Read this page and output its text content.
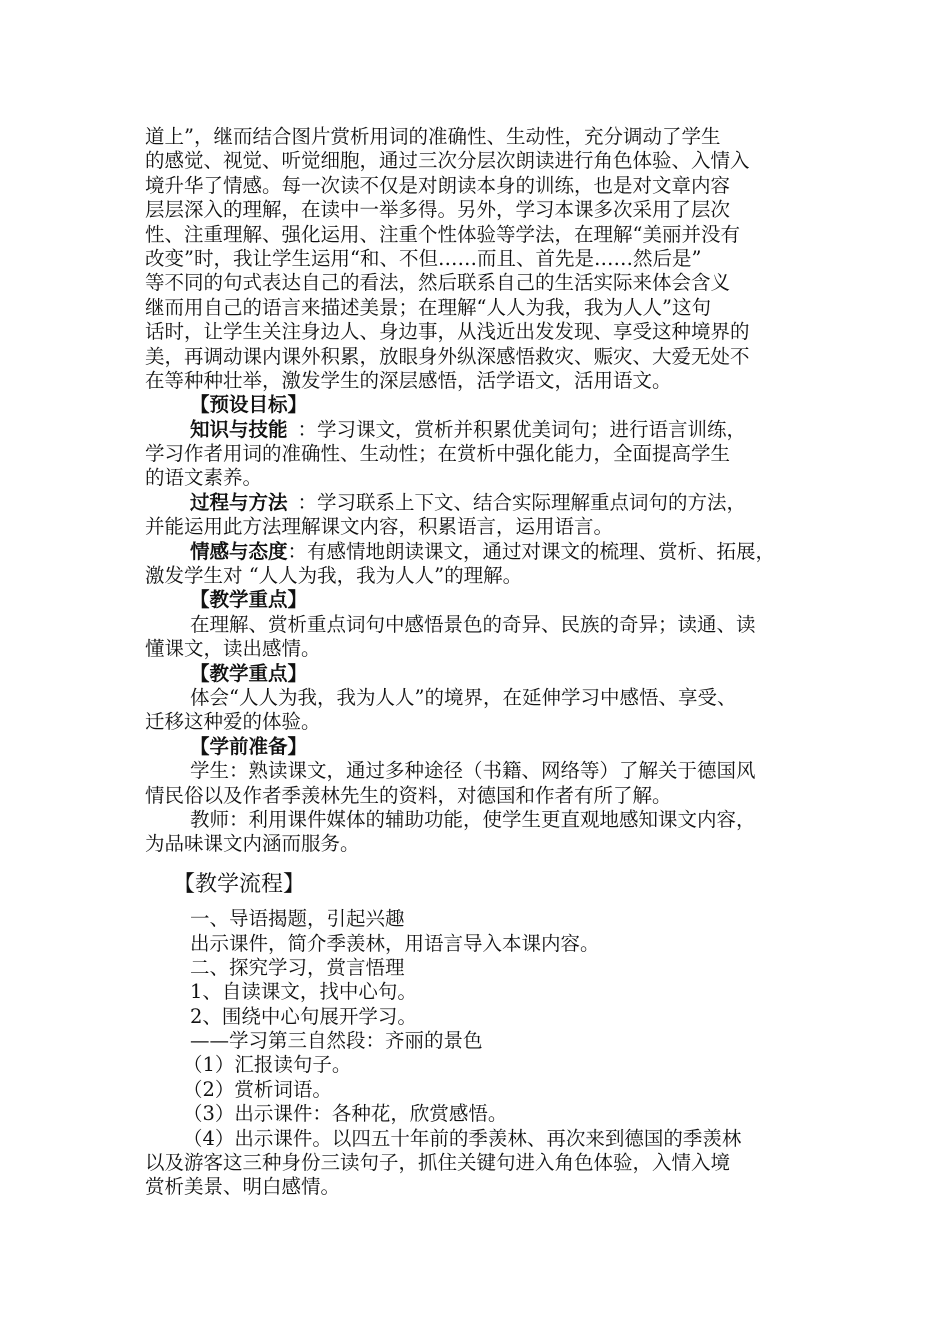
道上”，继而结合图片赏析用词的准确性、生动性，充分调动了学生
的感觉、视觉、听觉细胞，通过三次分层次朗读进行角色体验、入情入
境升华了情感。每一次读不仅是对朗读本身的训练，也是对文章内容
层层深入的理解，在读中一举多得。另外，学习本课多次采用了层次
性、注重理解、强化运用、注重个性体验等学法，在理解“美丽并没有
改变”时，我让学生运用“和、不但……而且、首先是……然后是”
等不同的句式表达自己的看法，然后联系自己的生活实际来体会含义
继而用自己的语言来描述美景；在理解“人人为我，我为人人”这句
话时，让学生关注身边人、身边事，从浅近出发发现、享受这种境界的
美，再调动课内课外积累，放眼身外纵深感悟救灾、赈灾、大爱无处不
在等种种壮举，激发学生的深层感悟，活学语文，活用语文。
【预设目标】
知识与技能 ：学习课文，赏析并积累优美词句；进行语言训练，
学习作者用词的准确性、生动性；在赏析中强化能力，全面提高学生
的语文素养。
过程与方法 ：学习联系上下文、结合实际理解重点词句的方法，
并能运用此方法理解课文内容，积累语言，运用语言。
情感与态度：有感情地朗读课文，通过对课文的梳理、赏析、拓展，
激发学生对 “人人为我，我为人人”的理解。
【教学重点】
在理解、赏析重点词句中感悟景色的奇异、民族的奇异；读通、读
懂课文，读出感情。
【教学重点】
体会“人人为我，我为人人”的境界，在延伸学习中感悟、享受、
迁移这种爱的体验。
【学前准备】
学生：熟读课文，通过多种途径（书籍、网络等）了解关于德国风
情民俗以及作者季羡林先生的资料，对德国和作者有所了解。
教师：利用课件媒体的辅助功能，使学生更直观地感知课文内容，
为品味课文内涵而服务。
【教学流程】
一、导语揭题，引起兴趣
出示课件，简介季羡林，用语言导入本课内容。
二、探究学习，赏言悟理
1、自读课文，找中心句。
2、围绕中心句展开学习。
——学习第三自然段：齐丽的景色
（1）汇报读句子。
（2）赏析词语。
（3）出示课件：各种花，欣赏感悟。
（4）出示课件。以四五十年前的季羡林、再次来到德国的季羡林
以及游客这三种身份三读句子，抓住关键句进入角色体验，入情入境
赏析美景、明白感情。
